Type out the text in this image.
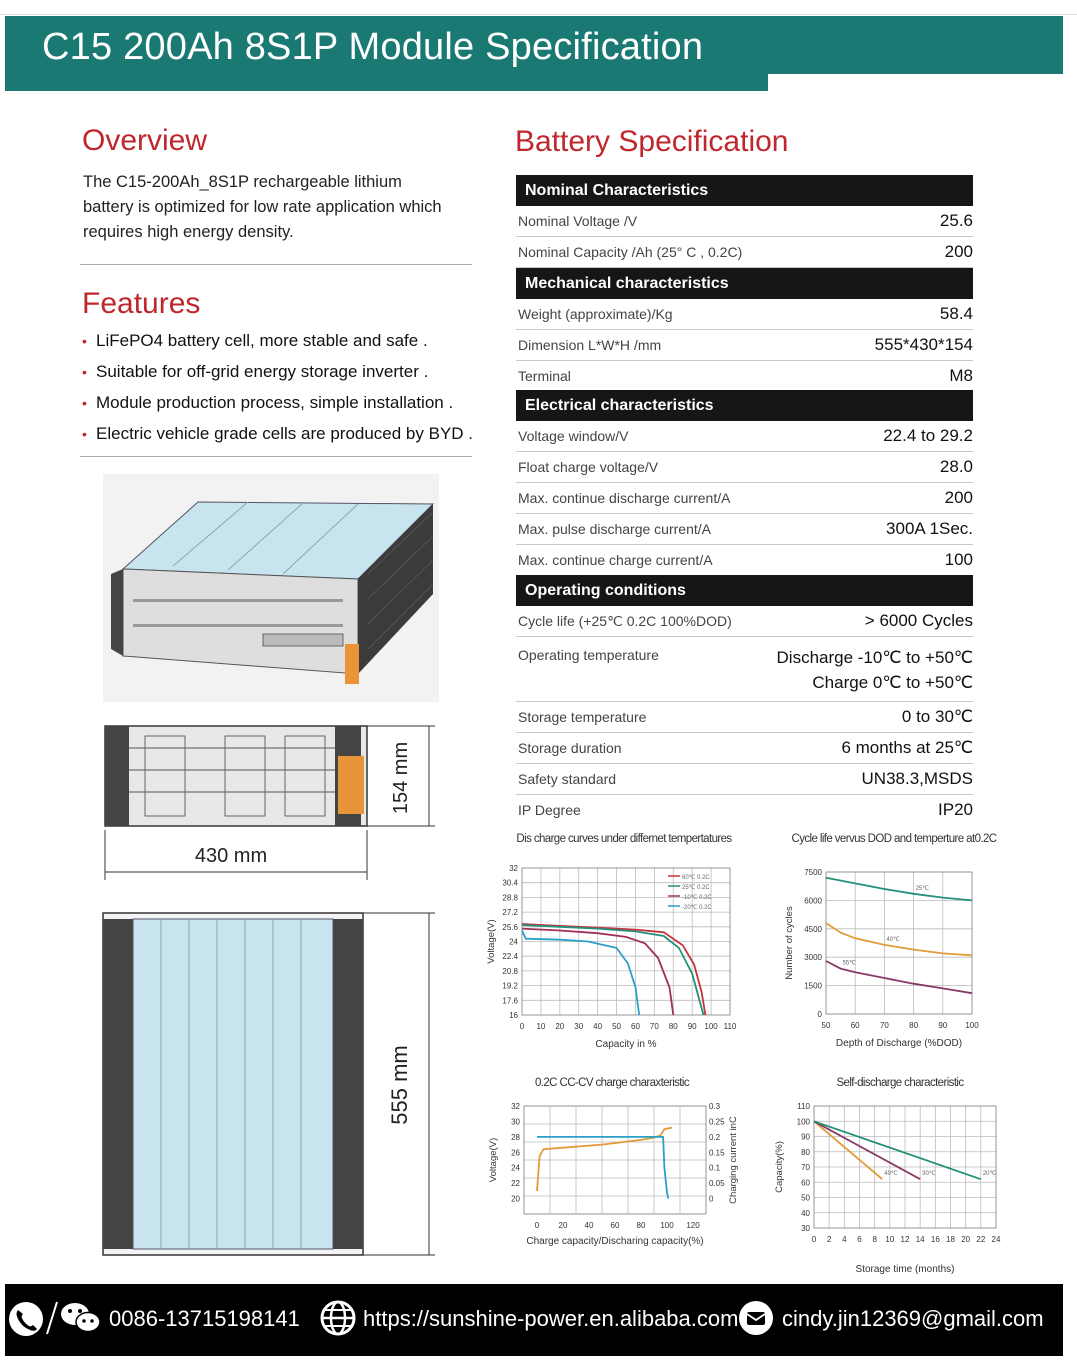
C15 200Ah 8S1P Module Specification
Overview
The C15-200Ah_8S1P rechargeable lithium battery is optimized for low rate application which requires high energy density.
Features
• LiFePO4 battery cell, more stable and safe .
• Suitable for off-grid energy storage inverter .
• Module production process, simple installation .
• Electric vehicle grade cells are produced by BYD .
154 mm
430 mm
555 mm
Battery Specification
Nominal Characteristics
Nominal Voltage /V	25.6
Nominal Capacity /Ah (25° C , 0.2C)	200
Mechanical characteristics
Weight (approximate)/Kg	58.4
Dimension L*W*H /mm	555*430*154
Terminal	M8
Electrical characteristics
Voltage window/V	22.4 to 29.2
Float charge voltage/V	28.0
Max. continue discharge current/A	200
Max. pulse discharge current/A	300A 1Sec.
Max. continue charge current/A	100
Operating conditions
Cycle life (+25℃ 0.2C 100%DOD)	> 6000 Cycles
Operating temperature	Discharge -10℃ to +50℃
Charge 0℃ to +50℃
Storage temperature	0 to 30℃
Storage duration	6 months at 25℃
Safety standard	UN38.3,MSDS
IP Degree	IP20
Dis charge curves under differnet tempertatures
0 10 20 30 40 50 60 70 80 90 100 110
16
17.6
19.2
20.8
22.4
24
25.6
27.2
28.8
30.4
32
Capacity in %
Voltage(V)
60℃ 0.2C
25℃ 0.2C
-10℃ 0.2C
-20℃ 0.2C
Cycle life vervus DOD and temperture at0.2C
50	60	70	80	90 100
0
1500
3000
4500
6000
7500
Depth of Discharge (%DOD)
Number of cycles
25℃
40℃
55℃
0.2C CC-CV charge charaxteristic
0 20 40 60 80 100 120
20
22
24
26
28
30
32
0
0.05
0.1
0.15
0.2
0.25
0.3
Charge capacity/Discharing capacity(%)
Voltage(V)	Charging current inC
Self-discharge characteristic
0 2 4 6 8 10 12 14 16 18 20 22 24
30
40
50
60
70
80
90
100
110
Storage time (months)
Capacity(%)	40℃	30℃	20℃
0086-13715198141	https://sunshine-power.en.alibaba.com cindy.jin12369@gmail.com
